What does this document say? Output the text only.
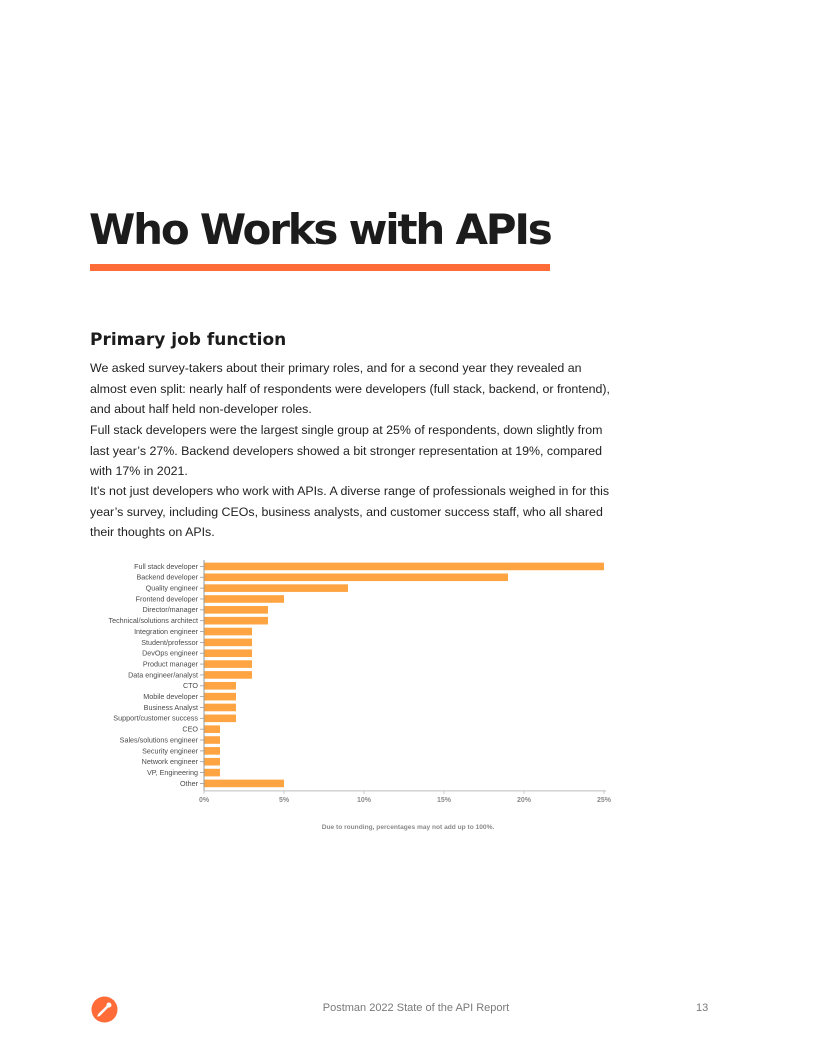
Who Works with APIs
Primary job function

We asked survey-takers about their primary roles, and for a second year they revealed an almost even split: nearly half of respondents were developers (full stack, backend, or frontend), and about half held non-developer roles.

Full stack developers were the largest single group at 25% of respondents, down slightly from last year’s 27%. Backend developers showed a bit stronger representation at 19%, compared with 17% in 2021.

It’s not just developers who work with APIs. A diverse range of professionals weighed in for this year’s survey, including CEOs, business analysts, and customer success staff, who all shared their thoughts on APIs.

Full stack developer
Backend developer
Quality engineer
Frontend developer
Director/manager
Technical/solutions architect
Integration engineer
Student/professor
DevOps engineer
Product manager
Data engineer/analyst
CTO
Mobile developer
Business Analyst
Support/customer success
CEO
Sales/solutions engineer
Security engineer
Network engineer
VP, Engineering
Other
0%	5%	10%	15%	20%	25%
Due to rounding, percentages may not add up to 100%.
Postman 2022 State of the API Report	13
